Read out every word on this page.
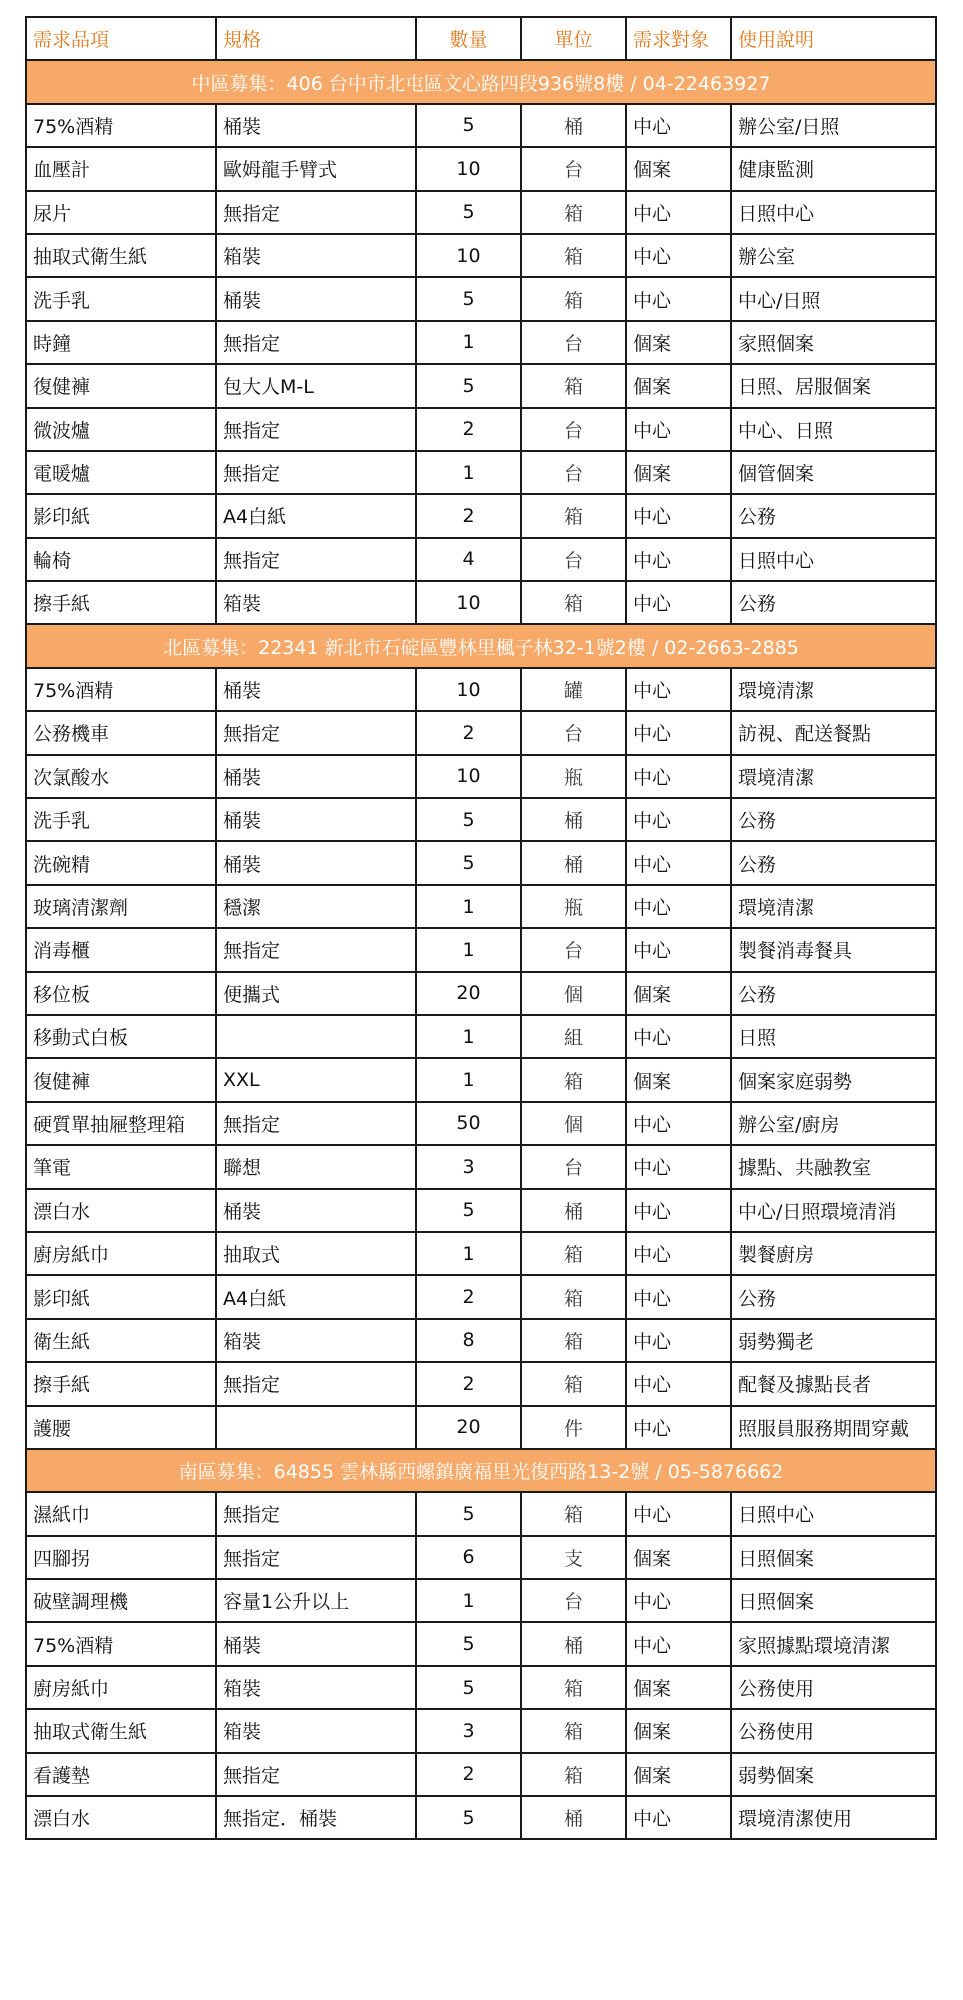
需求品項	規格	數量	單位	需求對象	使用說明
中區募集：406 台中市北屯區文心路四段936號8樓 / 04-22463927					
75%酒精	桶裝	5	桶	中心	辦公室/日照
血壓計	歐姆龍手臂式	10	台	個案	健康監測
尿片	無指定	5	箱	中心	日照中心
抽取式衛生紙	箱裝	10	箱	中心	辦公室
洗手乳	桶裝	5	箱	中心	中心/日照
時鐘	無指定	1	台	個案	家照個案
復健褲	包大人M-L	5	箱	個案	日照、居服個案
微波爐	無指定	2	台	中心	中心、日照
電暖爐	無指定	1	台	個案	個管個案
影印紙	A4白紙	2	箱	中心	公務
輪椅	無指定	4	台	中心	日照中心
擦手紙	箱裝	10	箱	中心	公務
北區募集：22341 新北市石碇區豐林里楓子林32-1號2樓 / 02-2663-2885					
75%酒精	桶裝	10	罐	中心	環境清潔
公務機車	無指定	2	台	中心	訪視、配送餐點
次氯酸水	桶裝	10	瓶	中心	環境清潔
洗手乳	桶裝	5	桶	中心	公務
洗碗精	桶裝	5	桶	中心	公務
玻璃清潔劑	穩潔	1	瓶	中心	環境清潔
消毒櫃	無指定	1	台	中心	製餐消毒餐具
移位板	便攜式	20	個	個案	公務
移動式白板		1	組	中心	日照
復健褲	XXL	1	箱	個案	個案家庭弱勢
硬質單抽屜整理箱	無指定	50	個	中心	辦公室/廚房
筆電	聯想	3	台	中心	據點、共融教室
漂白水	桶裝	5	桶	中心	中心/日照環境清消
廚房紙巾	抽取式	1	箱	中心	製餐廚房
影印紙	A4白紙	2	箱	中心	公務
衛生紙	箱裝	8	箱	中心	弱勢獨老
擦手紙	無指定	2	箱	中心	配餐及據點長者
護腰		20	件	中心	照服員服務期間穿戴
南區募集：64855 雲林縣西螺鎮廣福里光復西路13-2號 / 05-5876662					
濕紙巾	無指定	5	箱	中心	日照中心
四腳拐	無指定	6	支	個案	日照個案
破壁調理機	容量1公升以上	1	台	中心	日照個案
75%酒精	桶裝	5	桶	中心	家照據點環境清潔
廚房紙巾	箱裝	5	箱	個案	公務使用
抽取式衛生紙	箱裝	3	箱	個案	公務使用
看護墊	無指定	2	箱	個案	弱勢個案
漂白水	無指定．桶裝	5	桶	中心	環境清潔使用
